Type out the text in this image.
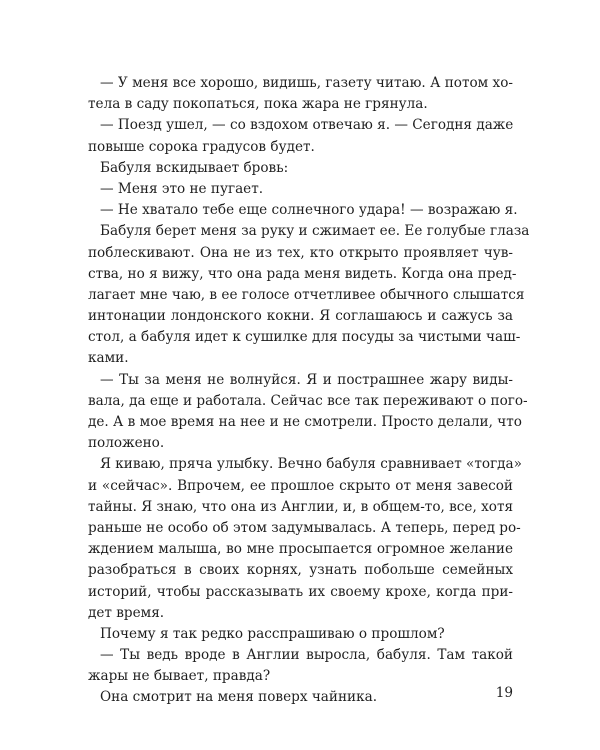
— У меня все хорошо, видишь, газету читаю. А потом хо-
тела в саду покопаться, пока жара не грянула.
— Поезд ушел, — со вздохом отвечаю я. — Сегодня даже
повыше сорока градусов будет.
Бабуля вскидывает бровь:
— Меня это не пугает.
— Не хватало тебе еще солнечного удара! — возражаю я.
Бабуля берет меня за руку и сжимает ее. Ее голубые глаза
поблескивают. Она не из тех, кто открыто проявляет чув-
ства, но я вижу, что она рада меня видеть. Когда она пред-
лагает мне чаю, в ее голосе отчетливее обычного слышатся
интонации лондонского кокни. Я соглашаюсь и сажусь за
стол, а бабуля идет к сушилке для посуды за чистыми чаш-
ками.
— Ты за меня не волнуйся. Я и пострашнее жару виды-
вала, да еще и работала. Сейчас все так переживают о пого-
де. А в мое время на нее и не смотрели. Просто делали, что
положено.
Я киваю, пряча улыбку. Вечно бабуля сравнивает «тогда»
и «сейчас». Впрочем, ее прошлое скрыто от меня завесой
тайны. Я знаю, что она из Англии, и, в общем-то, все, хотя
раньше не особо об этом задумывалась. А теперь, перед ро-
ждением малыша, во мне просыпается огромное желание
разобраться в своих корнях, узнать побольше семейных
историй, чтобы рассказывать их своему крохе, когда при-
дет время.
Почему я так редко расспрашиваю о прошлом?
— Ты ведь вроде в Англии выросла, бабуля. Там такой
жары не бывает, правда?
Она смотрит на меня поверх чайника.	19
